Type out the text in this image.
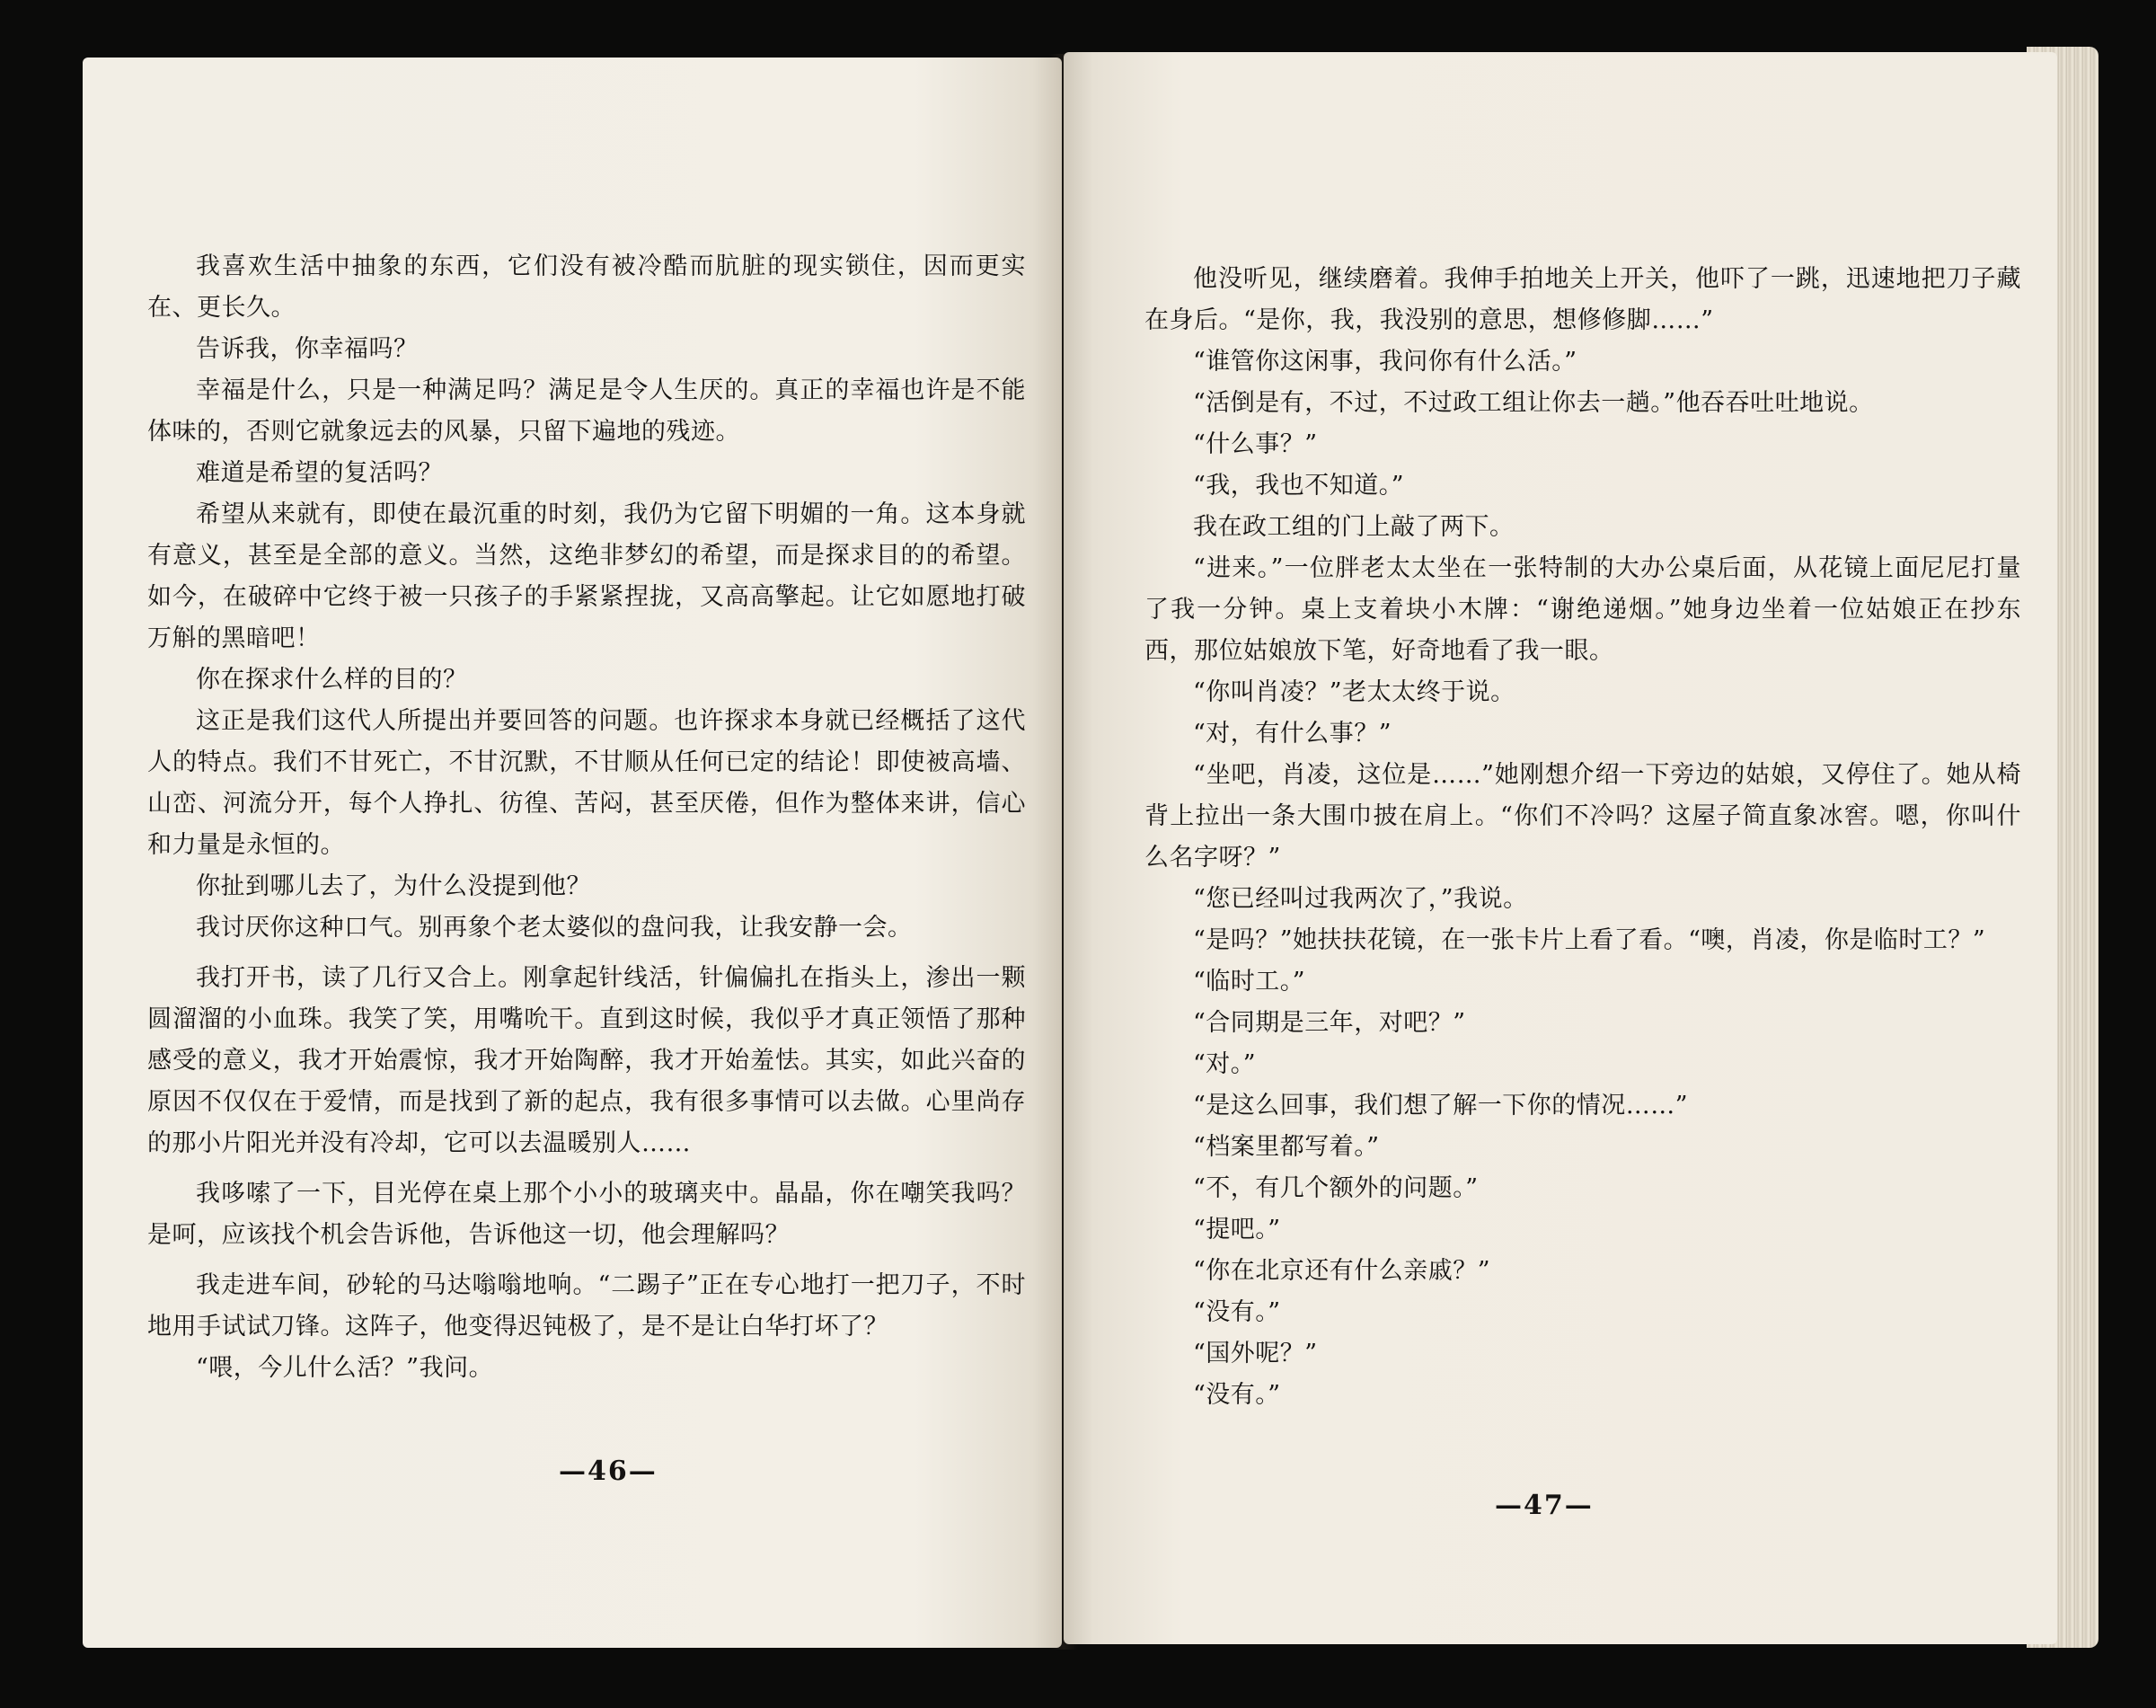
我喜欢生活中抽象的东西，它们没有被冷酷而肮脏的现实锁住，因而更实在、更长久。

告诉我，你幸福吗？

幸福是什么，只是一种满足吗？满足是令人生厌的。真正的幸福也许是不能体味的，否则它就象远去的风暴，只留下遍地的残迹。

难道是希望的复活吗？

希望从来就有，即使在最沉重的时刻，我仍为它留下明媚的一角。这本身就有意义，甚至是全部的意义。当然，这绝非梦幻的希望，而是探求目的的希望。如今，在破碎中它终于被一只孩子的手紧紧捏拢，又高高擎起。让它如愿地打破万斛的黑暗吧！

你在探求什么样的目的？

这正是我们这代人所提出并要回答的问题。也许探求本身就已经概括了这代人的特点。我们不甘死亡，不甘沉默，不甘顺从任何已定的结论！即使被高墙、山峦、河流分开，每个人挣扎、彷徨、苦闷，甚至厌倦，但作为整体来讲，信心和力量是永恒的。

你扯到哪儿去了，为什么没提到他？

我讨厌你这种口气。别再象个老太婆似的盘问我，让我安静一会。

我打开书，读了几行又合上。刚拿起针线活，针偏偏扎在指头上，渗出一颗圆溜溜的小血珠。我笑了笑，用嘴吮干。直到这时候，我似乎才真正领悟了那种感受的意义，我才开始震惊，我才开始陶醉，我才开始羞怯。其实，如此兴奋的原因不仅仅在于爱情，而是找到了新的起点，我有很多事情可以去做。心里尚存的那小片阳光并没有冷却，它可以去温暖别人……

我哆嗦了一下，目光停在桌上那个小小的玻璃夹中。晶晶，你在嘲笑我吗？是呵，应该找个机会告诉他，告诉他这一切，他会理解吗？

我走进车间，砂轮的马达嗡嗡地响。“二踢子”正在专心地打一把刀子，不时地用手试试刀锋。这阵子，他变得迟钝极了，是不是让白华打坏了？

“喂，今儿什么活？”我问。

—46—

他没听见，继续磨着。我伸手拍地关上开关，他吓了一跳，迅速地把刀子藏在身后。“是你，我，我没别的意思，想修修脚……”

“谁管你这闲事，我问你有什么活。”

“活倒是有，不过，不过政工组让你去一趟。”他吞吞吐吐地说。

“什么事？”

“我，我也不知道。”

我在政工组的门上敲了两下。

“进来。”一位胖老太太坐在一张特制的大办公桌后面，从花镜上面尼尼打量了我一分钟。桌上支着块小木牌：“谢绝递烟。”她身边坐着一位姑娘正在抄东西，那位姑娘放下笔，好奇地看了我一眼。

“你叫肖凌？”老太太终于说。

“对，有什么事？”

“坐吧，肖凌，这位是……”她刚想介绍一下旁边的姑娘，又停住了。她从椅背上拉出一条大围巾披在肩上。“你们不冷吗？这屋子简直象冰窖。嗯，你叫什么名字呀？”

“您已经叫过我两次了，”我说。

“是吗？”她扶扶花镜，在一张卡片上看了看。“噢，肖凌，你是临时工？”

“临时工。”

“合同期是三年，对吧？”

“对。”

“是这么回事，我们想了解一下你的情况……”

“档案里都写着。”

“不，有几个额外的问题。”

“提吧。”

“你在北京还有什么亲戚？”

“没有。”

“国外呢？”

“没有。”

—47—
